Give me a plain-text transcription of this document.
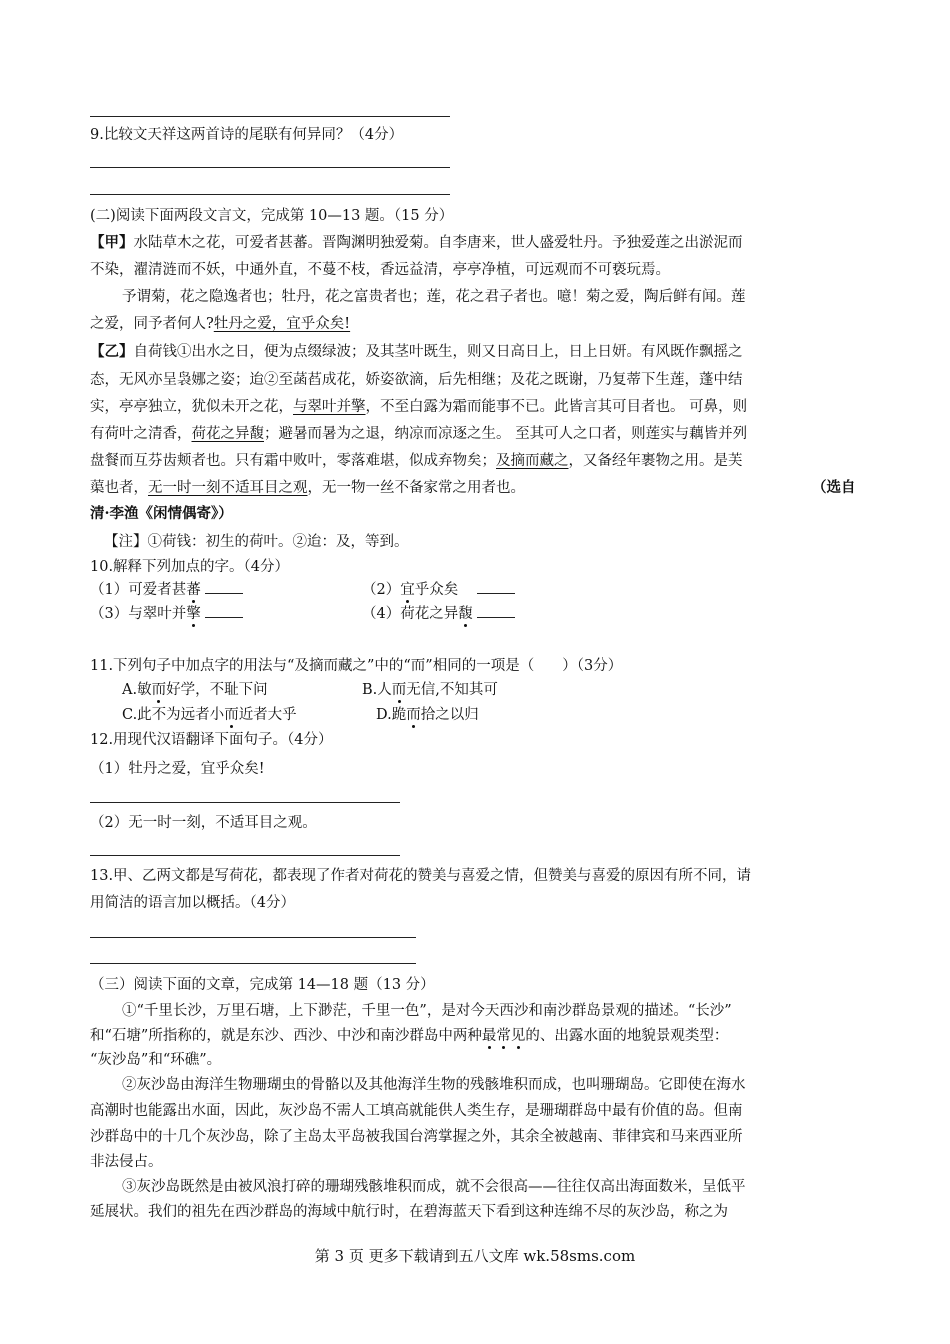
9.比较文天祥这两首诗的尾联有何异同？（4分）
(二)阅读下面两段文言文，完成第 10—13 题。（15 分）
【甲】水陆草木之花，可爱者甚蕃。晋陶渊明独爱菊。自李唐来，世人盛爱牡丹。予独爱莲之出淤泥而
不染，濯清涟而不妖，中通外直，不蔓不枝，香远益清，亭亭净植，可远观而不可亵玩焉。
予谓菊，花之隐逸者也；牡丹，花之富贵者也；莲，花之君子者也。噫！菊之爱，陶后鲜有闻。莲
之爱，同予者何人?牡丹之爱，宜乎众矣!
【乙】自荷钱①出水之日，便为点缀绿波；及其茎叶既生，则又日高日上，日上日妍。有风既作飘摇之
态，无风亦呈袅娜之姿；迨②至菡萏成花，娇姿欲滴，后先相继；及花之既谢，乃复蒂下生莲，蓬中结
实，亭亭独立，犹似未开之花，与翠叶并擎，不至白露为霜而能事不已。此皆言其可目者也。 可鼻，则
有荷叶之清香，荷花之异馥；避暑而暑为之退，纳凉而凉逐之生。 至其可人之口者，则莲实与藕皆并列
盘餐而互芬齿颊者也。只有霜中败叶，零落难堪，似成弃物矣；及摘而藏之，又备经年裹物之用。是芙
蕖也者，无一时一刻不适耳目之观，无一物一丝不备家常之用者也。	（选自
清·李渔《闲情偶寄》）
【注】①荷钱：初生的荷叶。②迨：及，等到。
10.解释下列加点的字。（4分）
（1）可爱者甚蕃	（2）宜乎众矣
（3）与翠叶并擎	（4）荷花之异馥
11.下列句子中加点字的用法与“及摘而藏之”中的“而”相同的一项是（ ）（3分）
A.敏而好学，不耻下问	B.人而无信,不知其可
C.此不为远者小而近者大乎	D.跪而拾之以归
12.用现代汉语翻译下面句子。（4分）
（1）牡丹之爱，宜乎众矣!
（2）无一时一刻，不适耳目之观。
13.甲、乙两文都是写荷花，都表现了作者对荷花的赞美与喜爱之情，但赞美与喜爱的原因有所不同，请
用简洁的语言加以概括。（4分）
（三）阅读下面的文章，完成第 14—18 题（13 分）
①“千里长沙，万里石塘，上下渺茫，千里一色”，是对今天西沙和南沙群岛景观的描述。“长沙”
和“石塘”所指称的，就是东沙、西沙、中沙和南沙群岛中两种最常见的、出露水面的地貌景观类型：
“灰沙岛”和“环礁”。
②灰沙岛由海洋生物珊瑚虫的骨骼以及其他海洋生物的残骸堆积而成，也叫珊瑚岛。它即使在海水
高潮时也能露出水面，因此，灰沙岛不需人工填高就能供人类生存，是珊瑚群岛中最有价值的岛。但南
沙群岛中的十几个灰沙岛，除了主岛太平岛被我国台湾掌握之外，其余全被越南、菲律宾和马来西亚所
非法侵占。
③灰沙岛既然是由被风浪打碎的珊瑚残骸堆积而成，就不会很高——往往仅高出海面数米，呈低平
延展状。我们的祖先在西沙群岛的海域中航行时，在碧海蓝天下看到这种连绵不尽的灰沙岛，称之为
第 3 页 更多下载请到五八文库 wk.58sms.com
